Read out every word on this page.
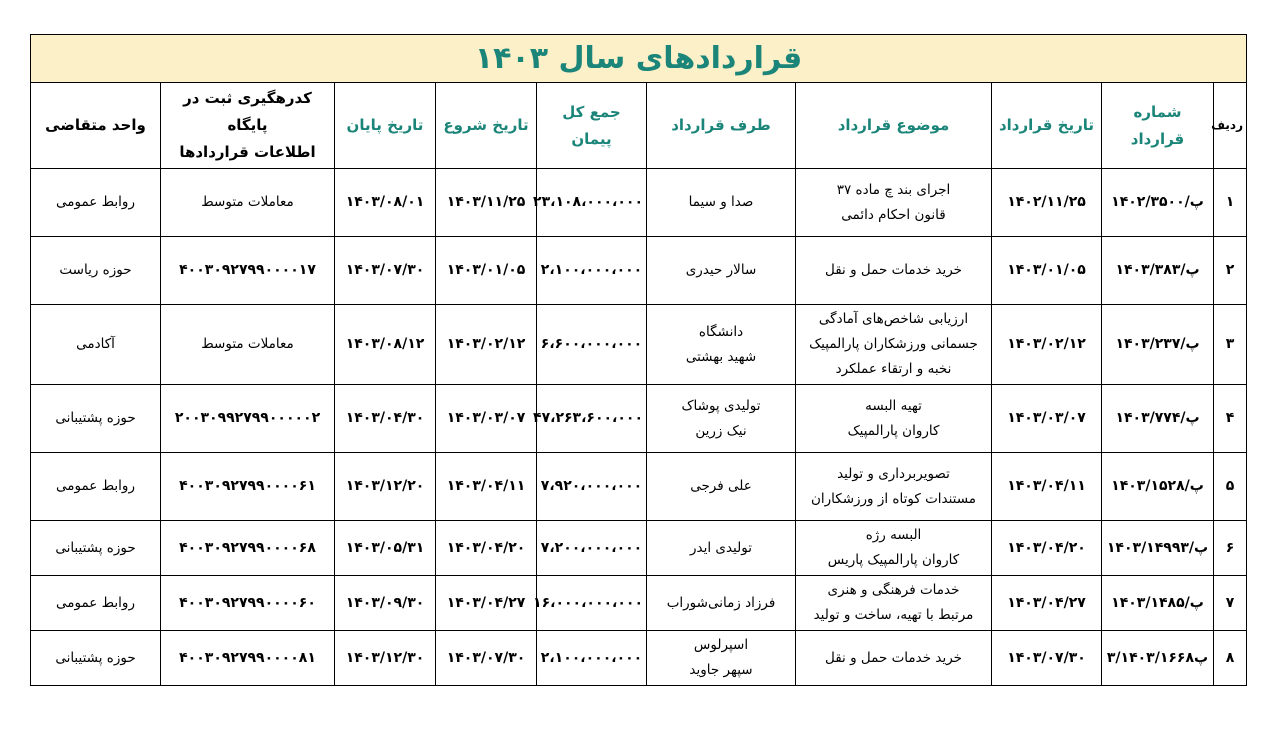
قراردادهای سال ۱۴۰۳									
ردیف	شماره قرارداد	تاریخ قرارداد	موضوع قرارداد	طرف قرارداد	جمع کل پیمان	تاریخ شروع	تاریخ پایان	کدرهگیری ثبت در پایگاه
اطلاعات قراردادها	واحد متقاضی
۱	پ/۱۴۰۲/۳۵۰۰	۱۴۰۲/۱۱/۲۵	اجرای بند چ ماده ۳۷
قانون احکام دائمی	صدا و سیما	۲۳،۱۰۸،۰۰۰،۰۰۰	۱۴۰۳/۱۱/۲۵	۱۴۰۳/۰۸/۰۱	معاملات متوسط	روابط عمومی
۲	پ/۱۴۰۳/۳۸۳	۱۴۰۳/۰۱/۰۵	خرید خدمات حمل و نقل	سالار حیدری	۲،۱۰۰،۰۰۰،۰۰۰	۱۴۰۳/۰۱/۰۵	۱۴۰۳/۰۷/۳۰	۴۰۰۳۰۹۲۷۹۹۰۰۰۰۱۷	حوزه ریاست
۳	پ/۱۴۰۳/۲۳۷	۱۴۰۳/۰۲/۱۲	ارزیابی شاخص‌های آمادگی
جسمانی ورزشکاران پارالمپیک
نخبه و ارتقاء عملکرد	دانشگاه
شهید بهشتی	۶،۶۰۰،۰۰۰،۰۰۰	۱۴۰۳/۰۲/۱۲	۱۴۰۳/۰۸/۱۲	معاملات متوسط	آکادمی
۴	پ/۱۴۰۳/۷۷۴	۱۴۰۳/۰۳/۰۷	تهیه البسه
کاروان پارالمپیک	تولیدی پوشاک
نیک زرین	۴۷،۲۶۳،۶۰۰،۰۰۰	۱۴۰۳/۰۳/۰۷	۱۴۰۳/۰۴/۳۰	۲۰۰۳۰۹۹۲۷۹۹۰۰۰۰۰۲	حوزه پشتیبانی
۵	پ/۱۴۰۳/۱۵۲۸	۱۴۰۳/۰۴/۱۱	تصویربرداری و تولید
مستندات کوتاه از ورزشکاران	علی فرجی	۷،۹۲۰،۰۰۰،۰۰۰	۱۴۰۳/۰۴/۱۱	۱۴۰۳/۱۲/۲۰	۴۰۰۳۰۹۲۷۹۹۰۰۰۰۶۱	روابط عمومی
۶	پ/۱۴۰۳/۱۴۹۹۳	۱۴۰۳/۰۴/۲۰	البسه رژه
کاروان پارالمپیک پاریس	تولیدی ایدر	۷،۲۰۰،۰۰۰،۰۰۰	۱۴۰۳/۰۴/۲۰	۱۴۰۳/۰۵/۳۱	۴۰۰۳۰۹۲۷۹۹۰۰۰۰۶۸	حوزه پشتیبانی
۷	پ/۱۴۰۳/۱۴۸۵	۱۴۰۳/۰۴/۲۷	خدمات فرهنگی و هنری
مرتبط با تهیه، ساخت و تولید	فرزاد زمانی‌شوراب	۱۶،۰۰۰،۰۰۰،۰۰۰	۱۴۰۳/۰۴/۲۷	۱۴۰۳/۰۹/۳۰	۴۰۰۳۰۹۲۷۹۹۰۰۰۰۶۰	روابط عمومی
۸	پ۳/۱۴۰۳/۱۶۶۸	۱۴۰۳/۰۷/۳۰	خرید خدمات حمل و نقل	اسپرلوس
سپهر جاوید	۲،۱۰۰،۰۰۰،۰۰۰	۱۴۰۳/۰۷/۳۰	۱۴۰۳/۱۲/۳۰	۴۰۰۳۰۹۲۷۹۹۰۰۰۰۸۱	حوزه پشتیبانی
